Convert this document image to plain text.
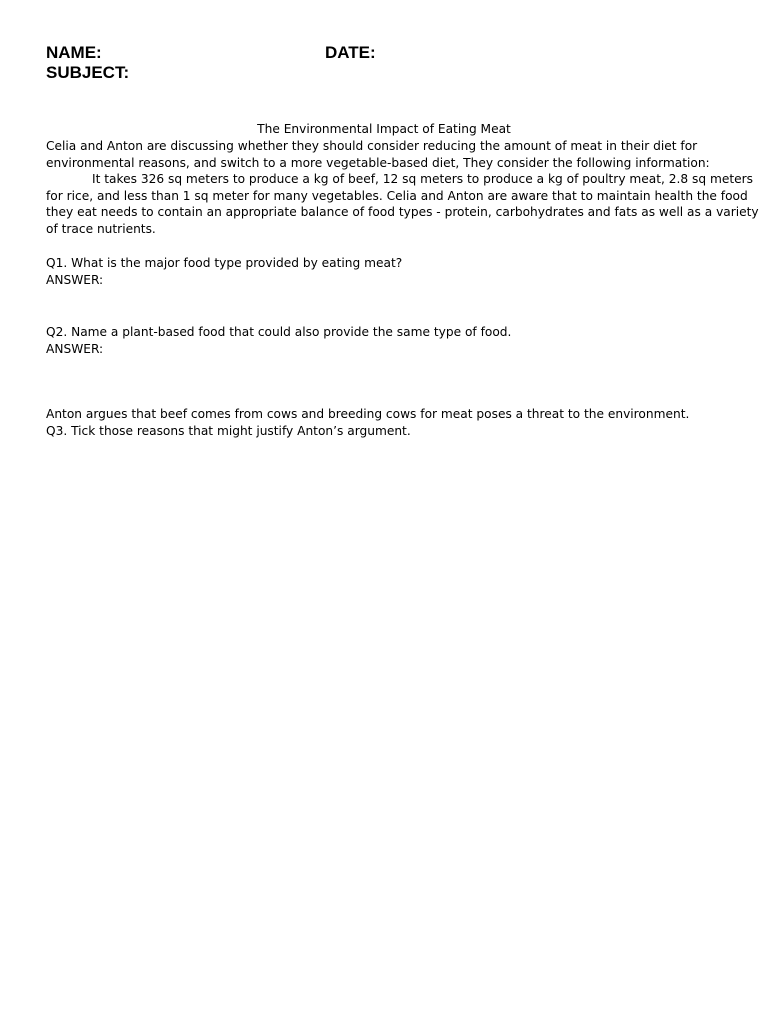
NAME:	DATE:
SUBJECT:
The Environmental Impact of Eating Meat
Celia and Anton are discussing whether they should consider reducing the amount of meat in their diet for
environmental reasons, and switch to a more vegetable-based diet, They consider the following information:
It takes 326 sq meters to produce a kg of beef, 12 sq meters to produce a kg of poultry meat, 2.8 sq meters
for rice, and less than 1 sq meter for many vegetables. Celia and Anton are aware that to maintain health the food
they eat needs to contain an appropriate balance of food types - protein, carbohydrates and fats as well as a variety
of trace nutrients.
Q1. What is the major food type provided by eating meat?
ANSWER:
Q2. Name a plant-based food that could also provide the same type of food.
ANSWER:
Anton argues that beef comes from cows and breeding cows for meat poses a threat to the environment.
Q3. Tick those reasons that might justify Anton’s argument.
